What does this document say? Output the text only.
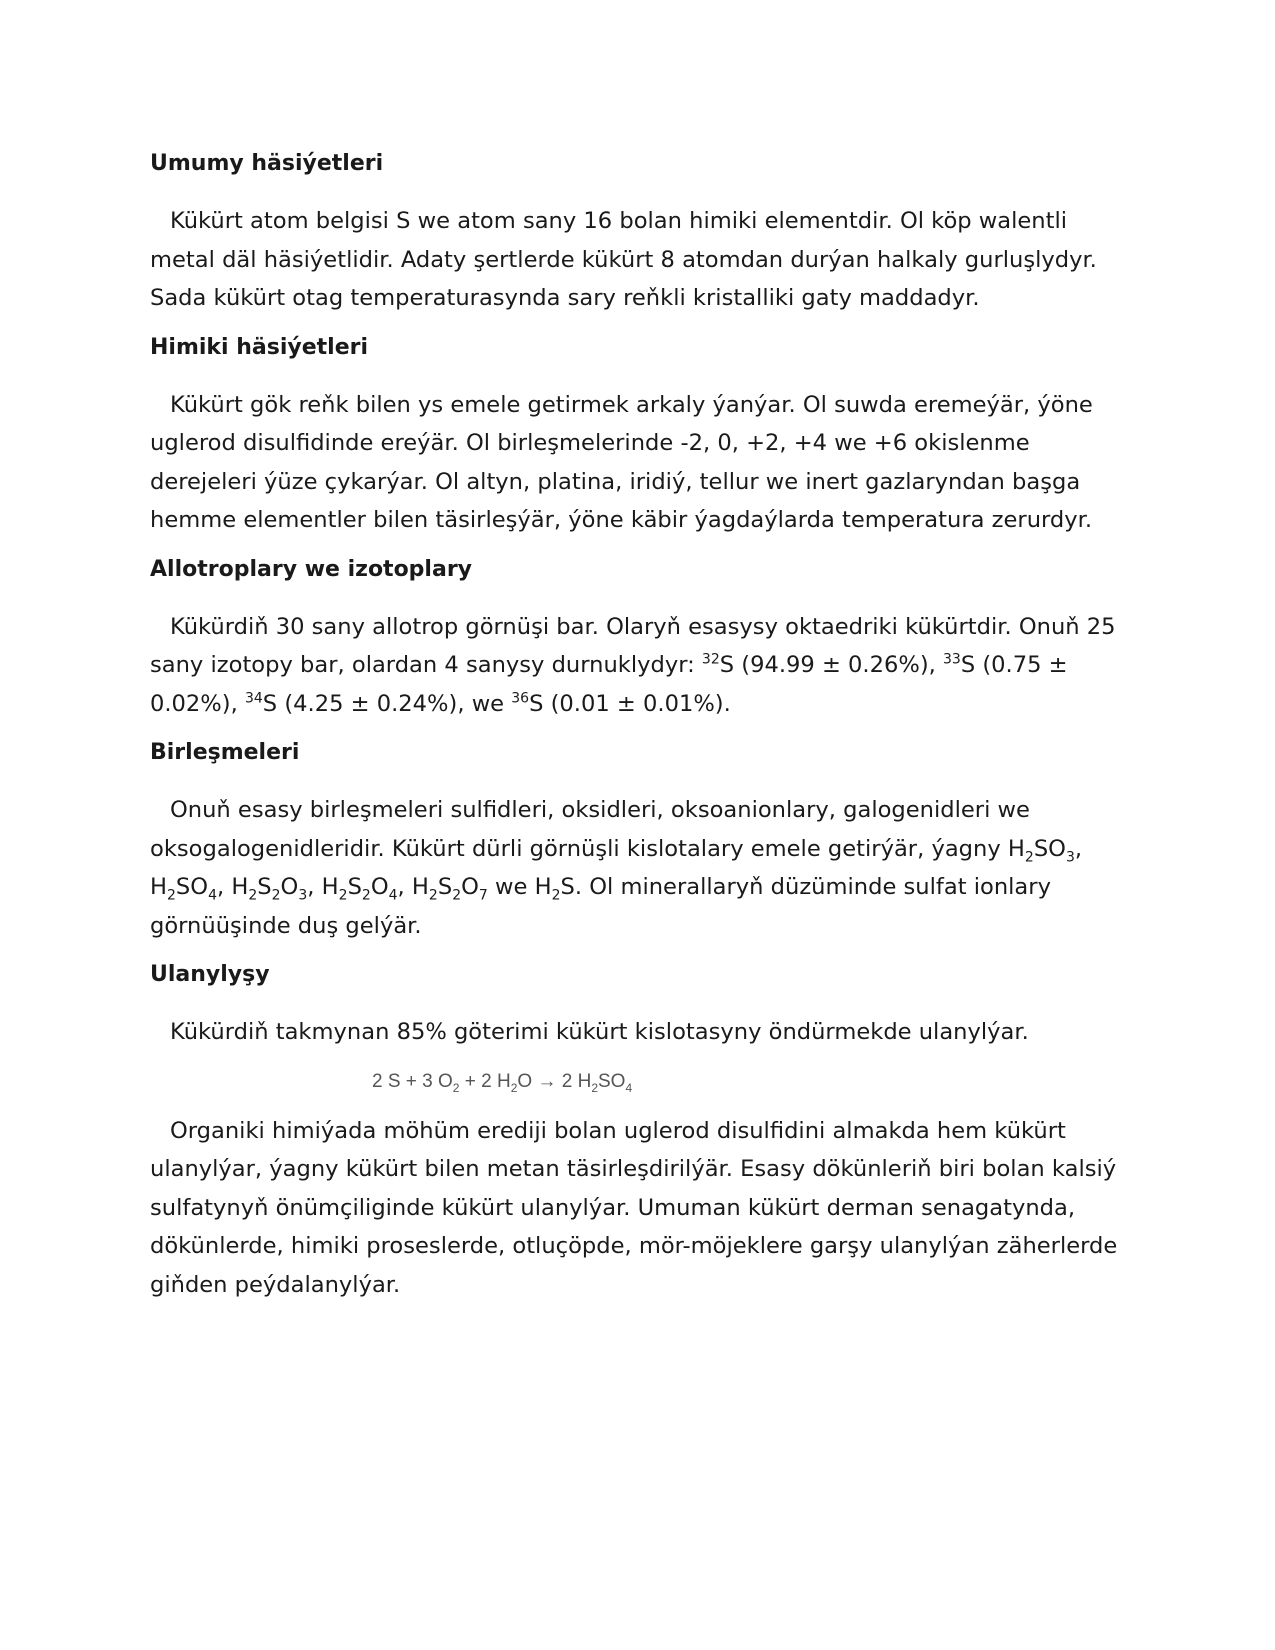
Umumy häsiýetleri

Kükürt atom belgisi S we atom sany 16 bolan himiki elementdir. Ol köp walentli metal däl häsiýetlidir. Adaty şertlerde kükürt 8 atomdan durýan halkaly gurluşlydyr. Sada kükürt otag temperaturasynda sary reňkli kristalliki gaty maddadyr.

Himiki häsiýetleri

Kükürt gök reňk bilen ys emele getirmek arkaly ýanýar. Ol suwda eremeýär, ýöne uglerod disulfidinde ereýär. Ol birleşmelerinde -2, 0, +2, +4 we +6 okislenme derejeleri ýüze çykarýar. Ol altyn, platina, iridiý, tellur we inert gazlaryndan başga hemme elementler bilen täsirleşýär, ýöne käbir ýagdaýlarda temperatura zerurdyr.

Allotroplary we izotoplary

Kükürdiň 30 sany allotrop görnüşi bar. Olaryň esasysy oktaedriki kükürtdir. Onuň 25 sany izotopy bar, olardan 4 sanysy durnuklydyr: $^{32}$S (94.99 ± 0.26%), $^{33}$S (0.75 ± 0.02%), $^{34}$S (4.25 ± 0.24%), we $^{36}$S (0.01 ± 0.01%).

Birleşmeleri

Onuň esasy birleşmeleri sulfidleri, oksidleri, oksoanionlary, galogenidleri we oksogalogenidleridir. Kükürt dürli görnüşli kislotalary emele getirýär, ýagny $H_2SO_3$,
$H_2SO_4$, $H_2S_2O_3$, $H_2S_2O_4$, $H_2S_2O_7$ we $H_2S$. Ol minerallaryň düzüminde sulfat ionlary görnüüşinde duş gelýär.

Ulanylyşy

Kükürdiň takmynan 85% göterimi kükürt kislotasyny öndürmekde ulanylýar.

2 S + 3 $O_2 + 2$ $H_2O \to 2$ $H_2SO_4$

Organiki himiýada möhüm erediji bolan uglerod disulfidini almakda hem kükürt ulanylýar, ýagny kükürt bilen metan täsirleşdirilýär. Esasy dökünleriň biri bolan kalsiý sulfatynyň önümçiliginde kükürt ulanylýar. Umuman kükürt derman senagatynda, dökünlerde, himiki proseslerde, otluçöpde, mör-möjeklere garşy ulanylýan zäherlerde giňden peýdalanylýar.
